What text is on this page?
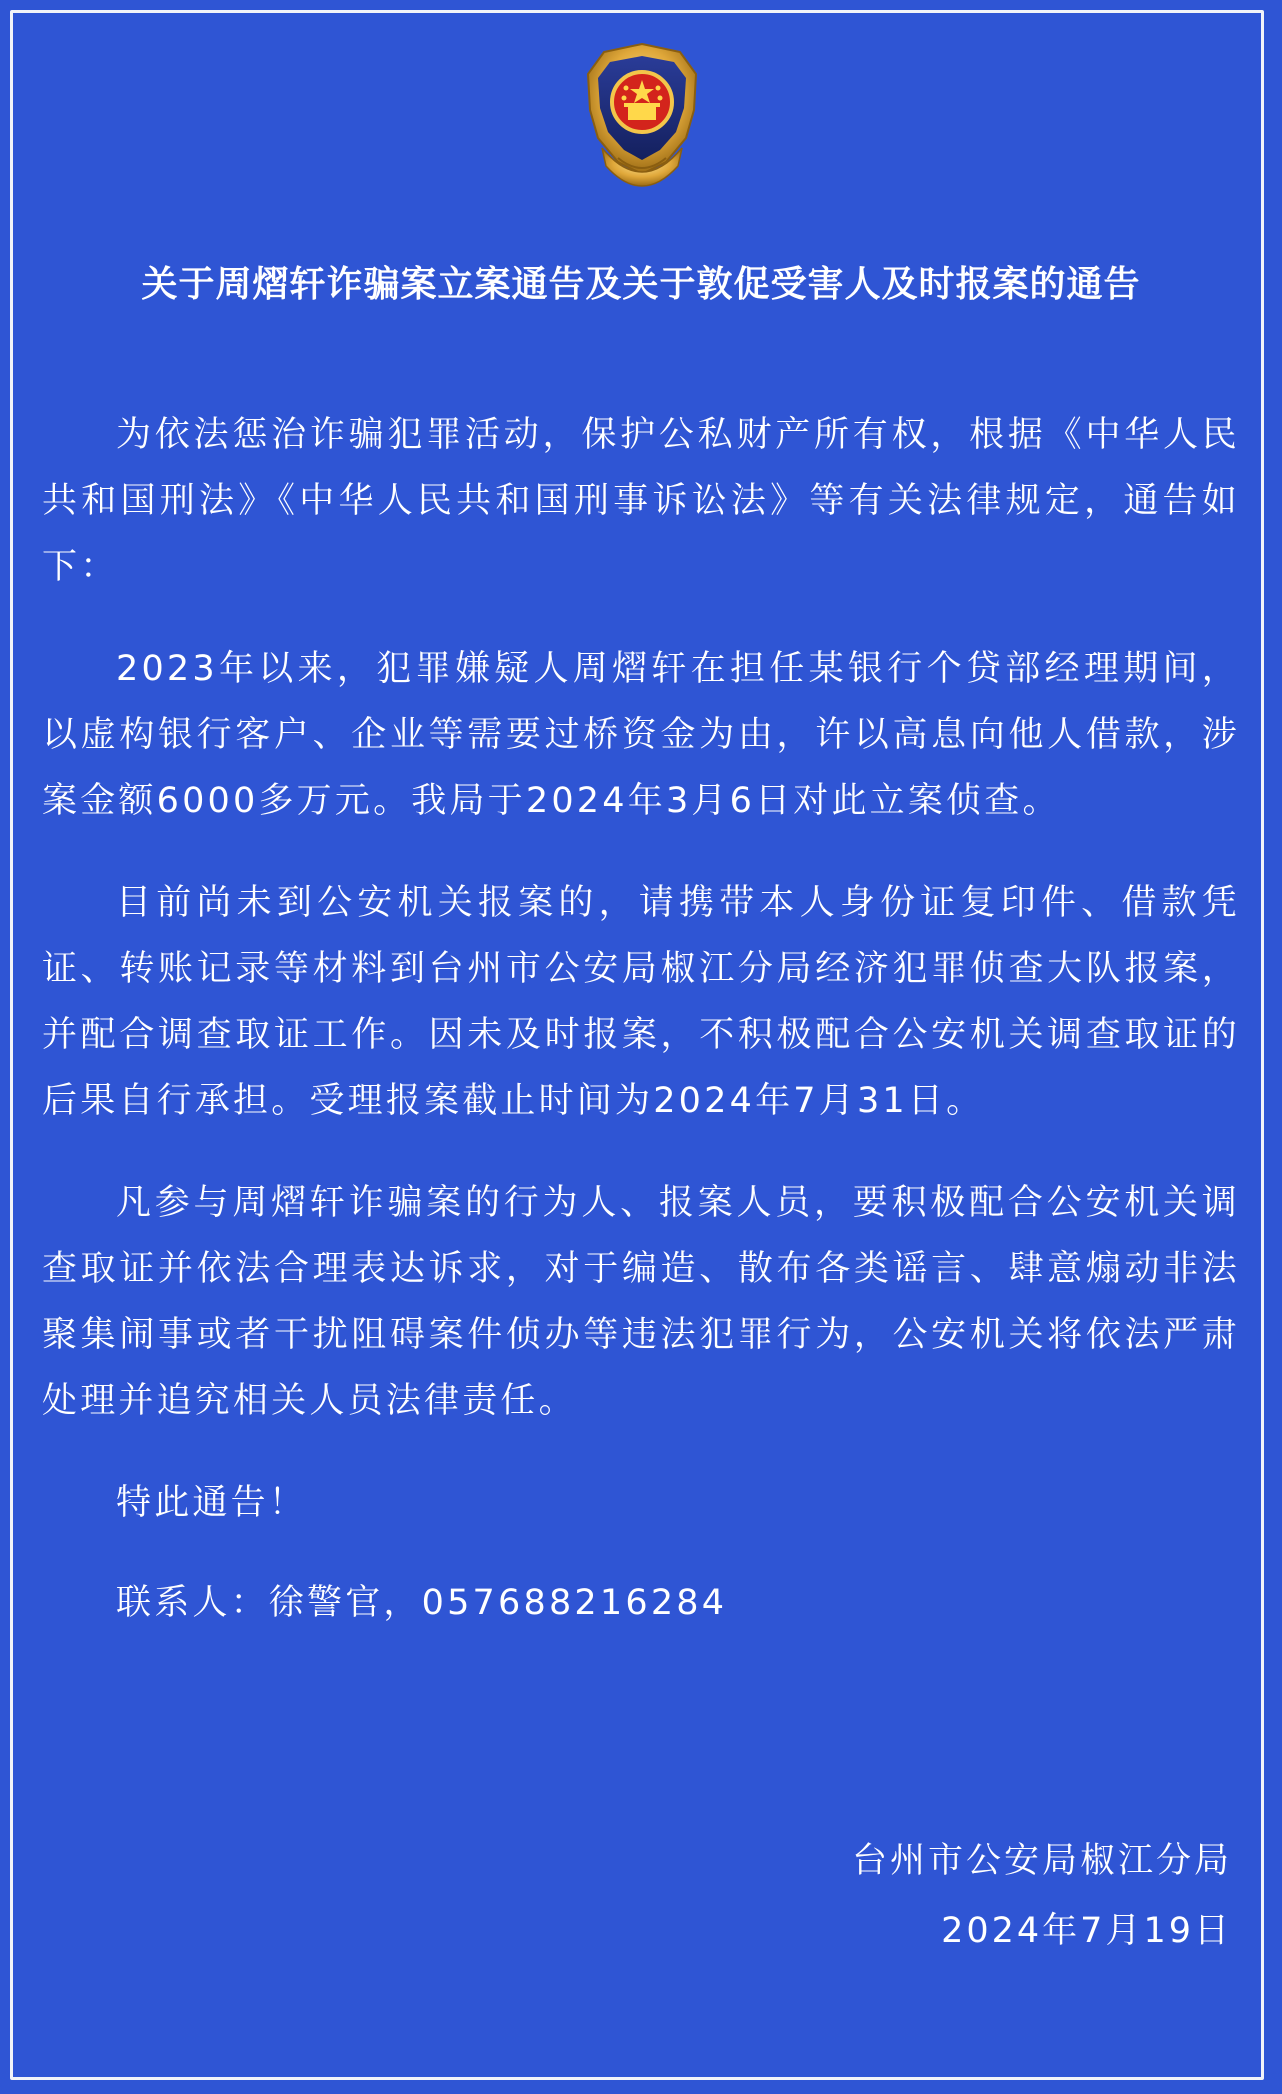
关于周熠轩诈骗案立案通告及关于敦促受害人及时报案的通告

为依法惩治诈骗犯罪活动，保护公私财产所有权，根据《中华人民共和国刑法》《中华人民共和国刑事诉讼法》等有关法律规定，通告如下：

2023年以来，犯罪嫌疑人周熠轩在担任某银行个贷部经理期间，以虚构银行客户、企业等需要过桥资金为由，许以高息向他人借款，涉案金额6000多万元。我局于2024年3月6日对此立案侦查。

目前尚未到公安机关报案的，请携带本人身份证复印件、借款凭证、转账记录等材料到台州市公安局椒江分局经济犯罪侦查大队报案，并配合调查取证工作。因未及时报案，不积极配合公安机关调查取证的后果自行承担。受理报案截止时间为2024年7月31日。

凡参与周熠轩诈骗案的行为人、报案人员，要积极配合公安机关调查取证并依法合理表达诉求，对于编造、散布各类谣言、肆意煽动非法聚集闹事或者干扰阻碍案件侦办等违法犯罪行为，公安机关将依法严肃处理并追究相关人员法律责任。

特此通告！

联系人：徐警官，057688216284

台州市公安局椒江分局
2024年7月19日
